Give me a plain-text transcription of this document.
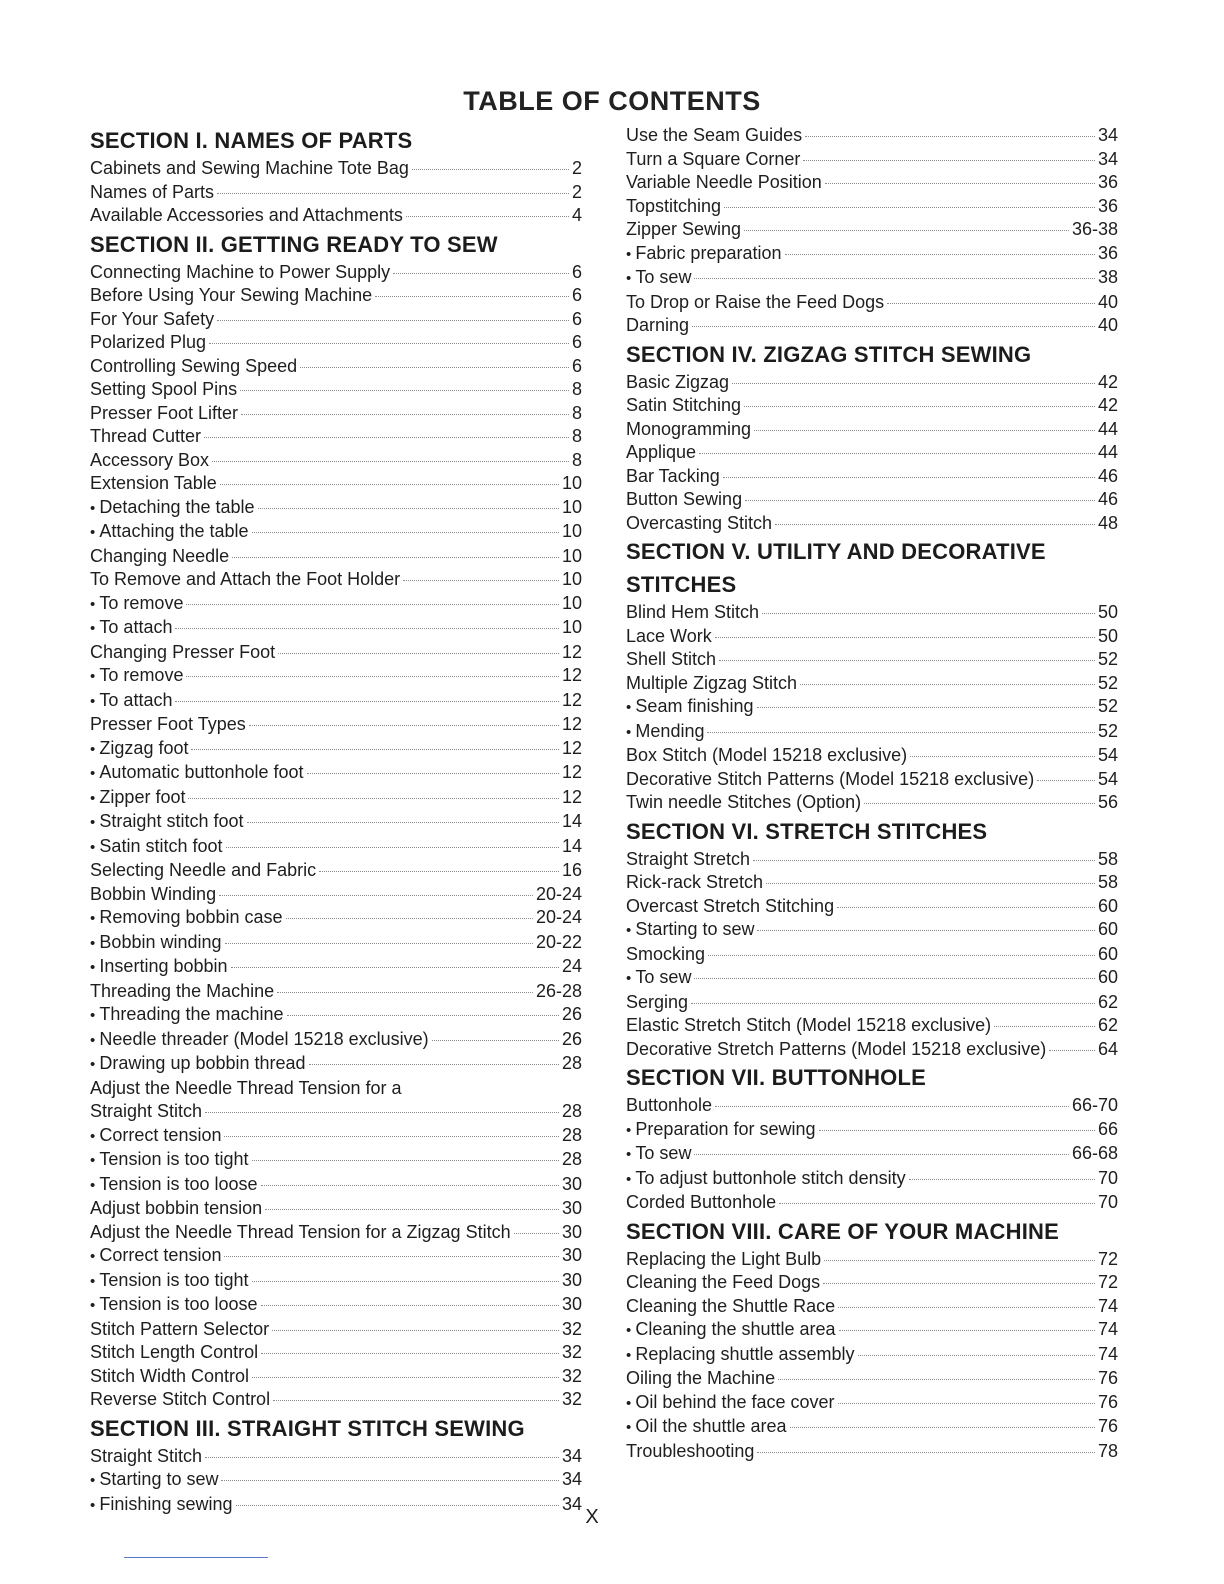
TABLE OF CONTENTS
SECTION I. NAMES OF PARTS
Cabinets and Sewing Machine Tote Bag	2
Names of Parts	2
Available Accessories and Attachments	4
SECTION II. GETTING READY TO SEW
Connecting Machine to Power Supply	6
Before Using Your Sewing Machine	6
For Your Safety	6
Polarized Plug	6
Controlling Sewing Speed	6
Setting Spool Pins	8
Presser Foot Lifter	8
Thread Cutter	8
Accessory Box	8
Extension Table	10
• Detaching the table	10
• Attaching the table	10
Changing Needle	10
To Remove and Attach the Foot Holder	10
• To remove	10
• To attach	10
Changing Presser Foot	12
• To remove	12
• To attach	12
Presser Foot Types	12
• Zigzag foot	12
• Automatic buttonhole foot	12
• Zipper foot	12
• Straight stitch foot	14
• Satin stitch foot	14
Selecting Needle and Fabric	16
Bobbin Winding	20-24
• Removing bobbin case	20-24
• Bobbin winding	20-22
• Inserting bobbin	24
Threading the Machine	26-28
• Threading the machine	26
• Needle threader (Model 15218 exclusive)	26
• Drawing up bobbin thread	28
Adjust the Needle Thread Tension for a
Straight Stitch	28
• Correct tension	28
• Tension is too tight	28
• Tension is too loose	30
Adjust bobbin tension	30
Adjust the Needle Thread Tension for a Zigzag Stitch	30
• Correct tension	30
• Tension is too tight	30
• Tension is too loose	30
Stitch Pattern Selector	32
Stitch Length Control	32
Stitch Width Control	32
Reverse Stitch Control	32
SECTION III. STRAIGHT STITCH SEWING
Straight Stitch	34
• Starting to sew	34
• Finishing sewing	34
Use the Seam Guides	34
Turn a Square Corner	34
Variable Needle Position	36
Topstitching	36
Zipper Sewing	36-38
• Fabric preparation	36
• To sew	38
To Drop or Raise the Feed Dogs	40
Darning	40
SECTION IV. ZIGZAG STITCH SEWING
Basic Zigzag	42
Satin Stitching	42
Monogramming	44
Applique	44
Bar Tacking	46
Button Sewing	46
Overcasting Stitch	48
SECTION V. UTILITY AND DECORATIVE
STITCHES
Blind Hem Stitch	50
Lace Work	50
Shell Stitch	52
Multiple Zigzag Stitch	52
• Seam finishing	52
• Mending	52
Box Stitch (Model 15218 exclusive)	54
Decorative Stitch Patterns (Model 15218 exclusive)	54
Twin needle Stitches (Option)	56
SECTION VI. STRETCH STITCHES
Straight Stretch	58
Rick-rack Stretch	58
Overcast Stretch Stitching	60
• Starting to sew	60
Smocking	60
• To sew	60
Serging	62
Elastic Stretch Stitch (Model 15218 exclusive)	62
Decorative Stretch Patterns (Model 15218 exclusive)	64
SECTION VII. BUTTONHOLE
Buttonhole	66-70
• Preparation for sewing	66
• To sew	66-68
• To adjust buttonhole stitch density	70
Corded Buttonhole	70
SECTION VIII. CARE OF YOUR MACHINE
Replacing the Light Bulb	72
Cleaning the Feed Dogs	72
Cleaning the Shuttle Race	74
• Cleaning the shuttle area	74
• Replacing shuttle assembly	74
Oiling the Machine	76
• Oil behind the face cover	76
• Oil the shuttle area	76
Troubleshooting	78
X
